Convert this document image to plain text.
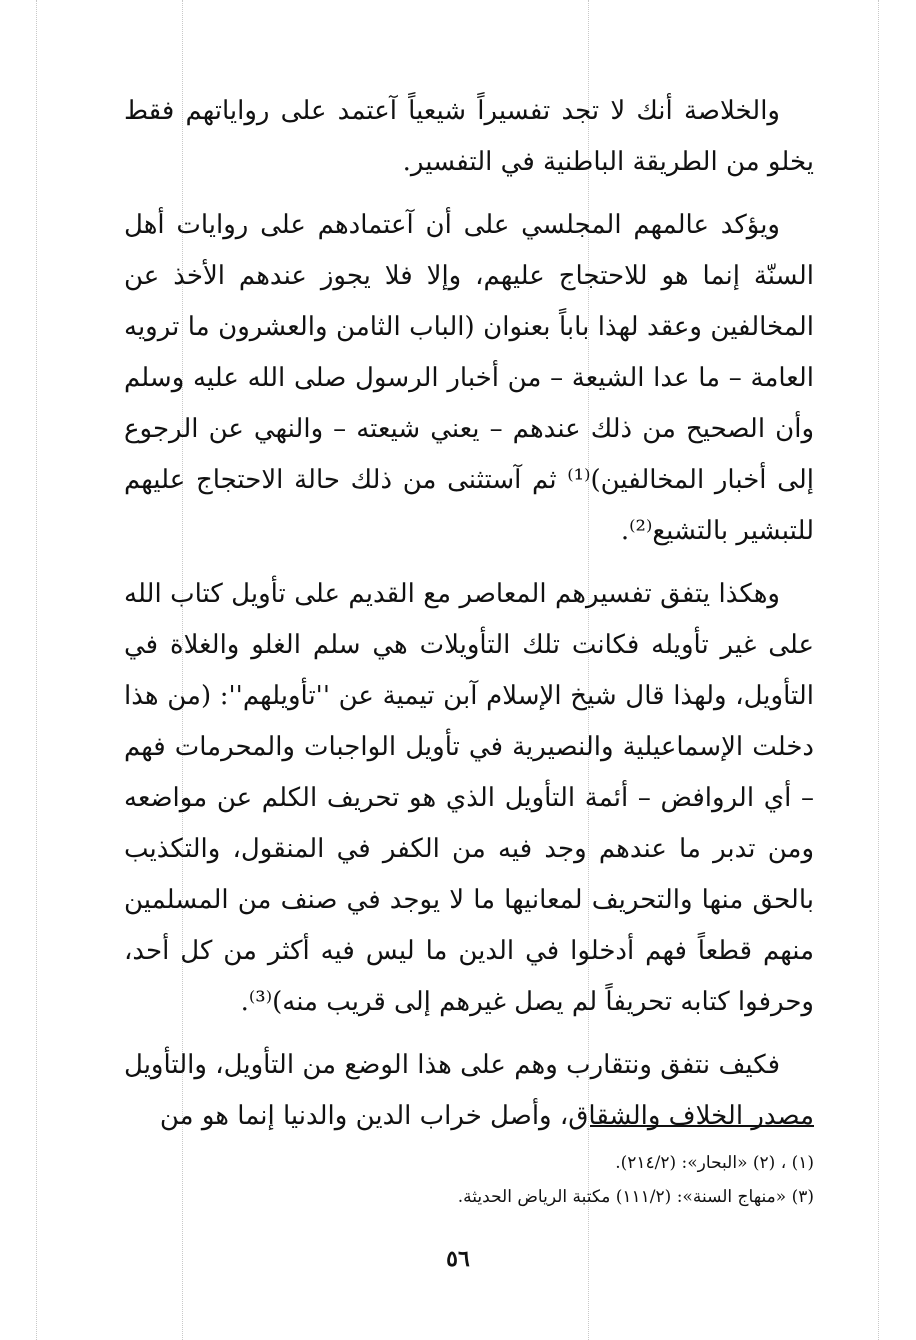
والخلاصة أنك لا تجد تفسيراً شيعياً آعتمد على رواياتهم فقط يخلو من الطريقة الباطنية في التفسير.

ويؤكد عالمهم المجلسي على أن آعتمادهم على روايات أهل السنّة إنما هو للاحتجاج عليهم، وإلا فلا يجوز عندهم الأخذ عن المخالفين وعقد لهذا باباً بعنوان (الباب الثامن والعشرون ما ترويه العامة – ما عدا الشيعة – من أخبار الرسول صلى الله عليه وسلم وأن الصحيح من ذلك عندهم – يعني شيعته – والنهي عن الرجوع إلى أخبار المخالفين)⁽¹⁾ ثم آستثنى من ذلك حالة الاحتجاج عليهم للتبشير بالتشيع⁽²⁾.

وهكذا يتفق تفسيرهم المعاصر مع القديم على تأويل كتاب الله على غير تأويله فكانت تلك التأويلات هي سلم الغلو والغلاة في التأويل، ولهذا قال شيخ الإسلام آبن تيمية عن ''تأويلهم'': (من هذا دخلت الإسماعيلية والنصيرية في تأويل الواجبات والمحرمات فهم – أي الروافض – أئمة التأويل الذي هو تحريف الكلم عن مواضعه ومن تدبر ما عندهم وجد فيه من الكفر في المنقول، والتكذيب بالحق منها والتحريف لمعانيها ما لا يوجد في صنف من المسلمين منهم قطعاً فهم أدخلوا في الدين ما ليس فيه أكثر من كل أحد، وحرفوا كتابه تحريفاً لم يصل غيرهم إلى قريب منه)⁽³⁾.

فكيف نتفق ونتقارب وهم على هذا الوضع من التأويل، والتأويل مصدر الخلاف والشقاق، وأصل خراب الدين والدنيا إنما هو من

(١) ، (٢) «البحار»: (٢١٤/٢).

(٣) «منهاج السنة»: (١١١/٢) مكتبة الرياض الحديثة.

٥٦
